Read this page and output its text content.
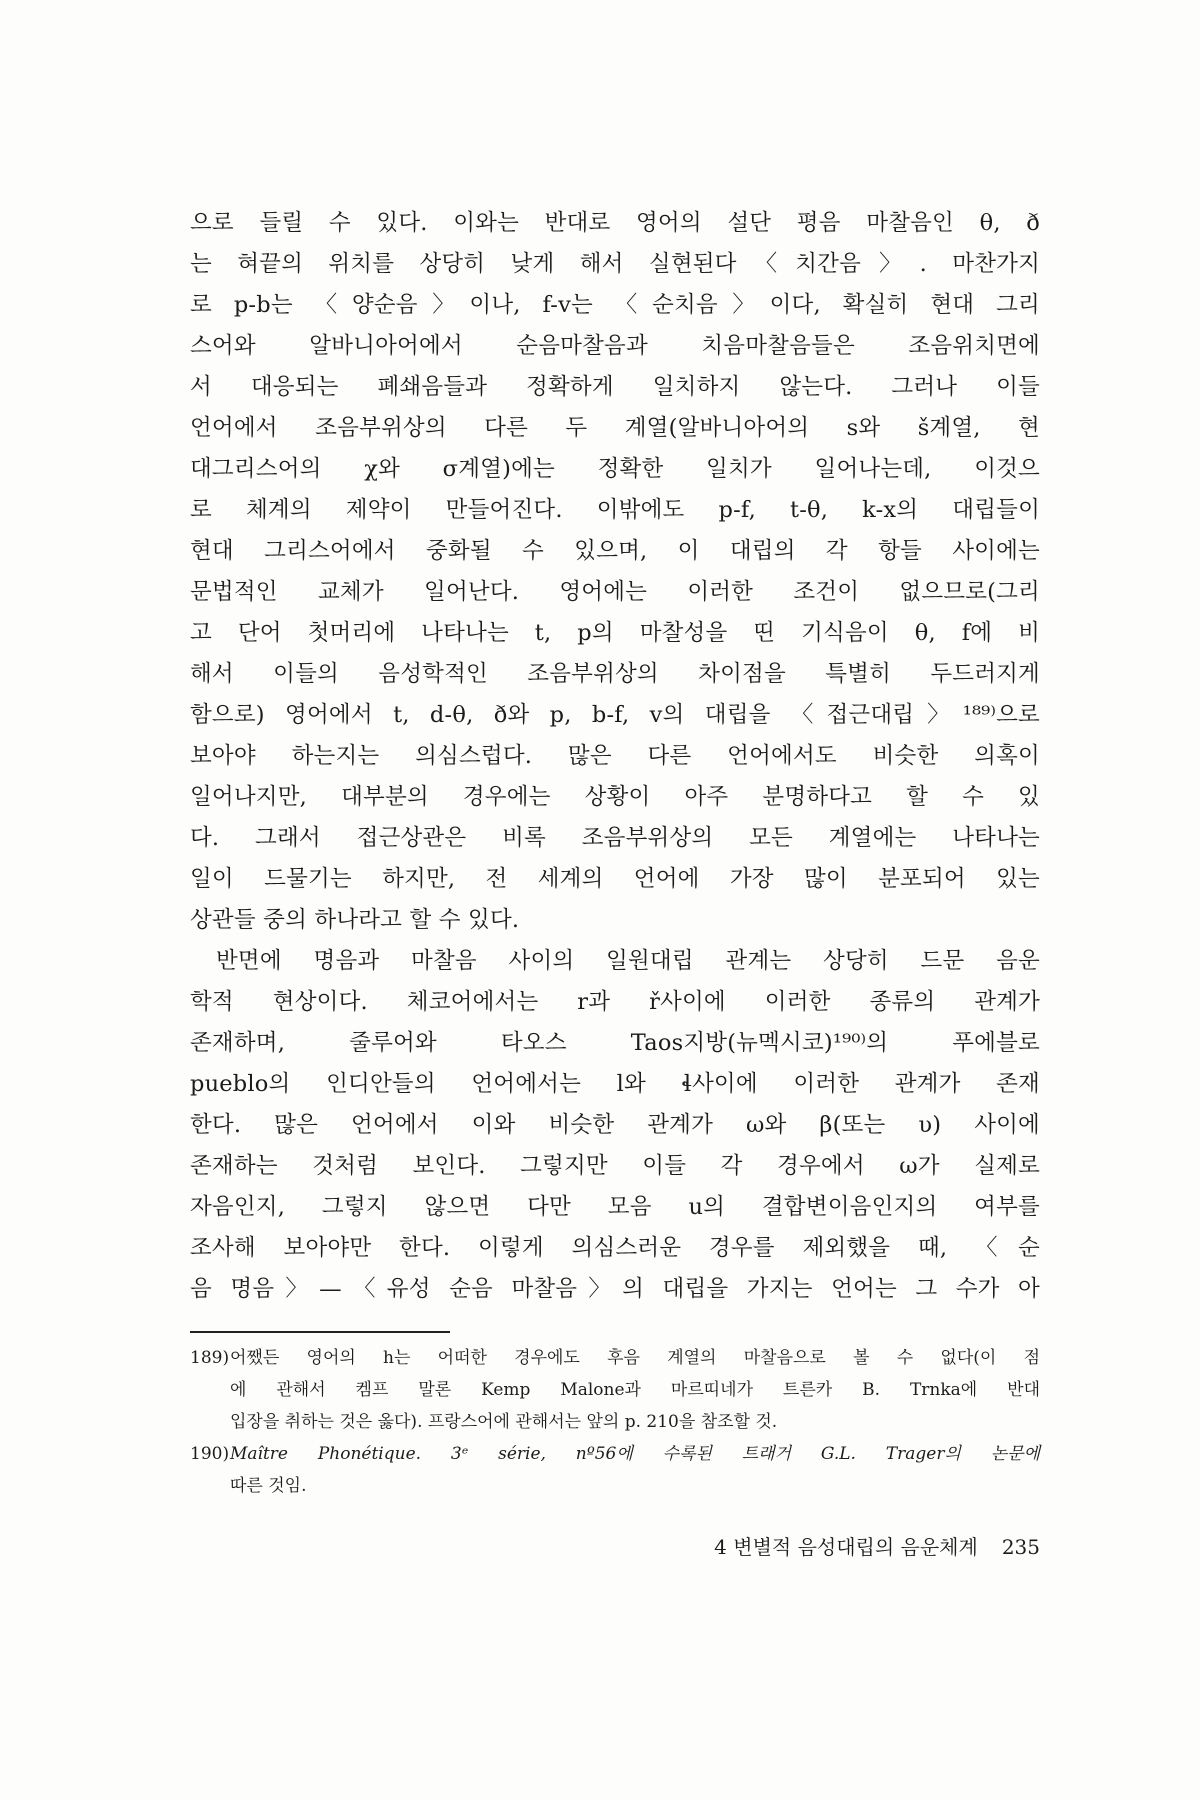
으로 들릴 수 있다. 이와는 반대로 영어의 설단 평음 마찰음인 θ, ð
는 혀끝의 위치를 상당히 낮게 해서 실현된다〈치간음〉. 마찬가지
로 p-b는 〈양순음〉이나, f-v는 〈순치음〉이다, 확실히 현대 그리
스어와 알바니아어에서 순음마찰음과 치음마찰음들은 조음위치면에
서 대응되는 폐쇄음들과 정확하게 일치하지 않는다. 그러나 이들
언어에서 조음부위상의 다른 두 계열(알바니아어의 s와 š계열, 현
대그리스어의 χ와 σ계열)에는 정확한 일치가 일어나는데, 이것으
로 체계의 제약이 만들어진다. 이밖에도 p-f, t-θ, k-x의 대립들이
현대 그리스어에서 중화될 수 있으며, 이 대립의 각 항들 사이에는
문법적인 교체가 일어난다. 영어에는 이러한 조건이 없으므로(그리
고 단어 첫머리에 나타나는 t, p의 마찰성을 띤 기식음이 θ, f에 비
해서 이들의 음성학적인 조음부위상의 차이점을 특별히 두드러지게
함으로) 영어에서 t, d-θ, ð와 p, b-f, v의 대립을 〈접근대립〉¹⁸⁹⁾으로
보아야 하는지는 의심스럽다. 많은 다른 언어에서도 비슷한 의혹이
일어나지만, 대부분의 경우에는 상황이 아주 분명하다고 할 수 있
다. 그래서 접근상관은 비록 조음부위상의 모든 계열에는 나타나는
일이 드물기는 하지만, 전 세계의 언어에 가장 많이 분포되어 있는
상관들 중의 하나라고 할 수 있다.
반면에 명음과 마찰음 사이의 일원대립 관계는 상당히 드문 음운
학적 현상이다. 체코어에서는 r과 ř사이에 이러한 종류의 관계가
존재하며, 줄루어와 타오스 Taos지방(뉴멕시코)¹⁹⁰⁾의 푸에블로
pueblo의 인디안들의 언어에서는 l와 ɬ사이에 이러한 관계가 존재
한다. 많은 언어에서 이와 비슷한 관계가 ω와 β(또는 υ) 사이에
존재하는 것처럼 보인다. 그렇지만 이들 각 경우에서 ω가 실제로
자음인지, 그렇지 않으면 다만 모음 u의 결합변이음인지의 여부를
조사해 보아야만 한다. 이렇게 의심스러운 경우를 제외했을 때, 〈순
음 명음〉—〈유성 순음 마찰음〉의 대립을 가지는 언어는 그 수가 아
189)어쨌든 영어의 h는 어떠한 경우에도 후음 계열의 마찰음으로 볼 수 없다(이 점
에 관해서 켐프 말론 Kemp Malone과 마르띠네가 트른카 B. Trnka에 반대
입장을 취하는 것은 옳다). 프랑스어에 관해서는 앞의 p. 210을 참조할 것.
190)Maître Phonétique. 3ᵉ série, nº56에 수록된 트래거 G.L. Trager의 논문에
따른 것임.
4 변별적 음성대립의 음운체계 235
